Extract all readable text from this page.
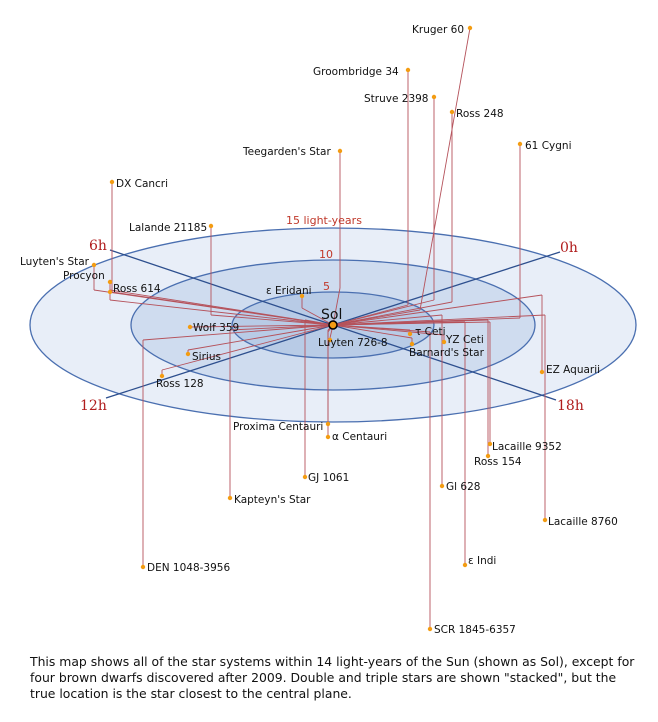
15 light-years
10
5
0h
6h
12h	18h
Sol
Kruger 60
Groombridge 34
Struve 2398
Ross 248
61 Cygni
Teegarden's Star
DX Cancri
Lalande 21185
Luyten's Star
Procyon
Ross 614	ε Eridani
Wolf 359
Sirius
Ross 128
τ Ceti
YZ Ceti
Luyten 726-8
Barnard's Star
EZ Aquarii
Proxima Centauri
α Centauri
Lacaille 9352
Ross 154
GJ 1061
Gl 628
Kapteyn's Star
Lacaille 8760
DEN 1048-3956
ε Indi
SCR 1845-6357

This map shows all of the star systems within 14 light-years of the Sun (shown as Sol), except for four brown dwarfs discovered after 2009. Double and triple stars are shown "stacked", but the true location is the star closest to the central plane.
